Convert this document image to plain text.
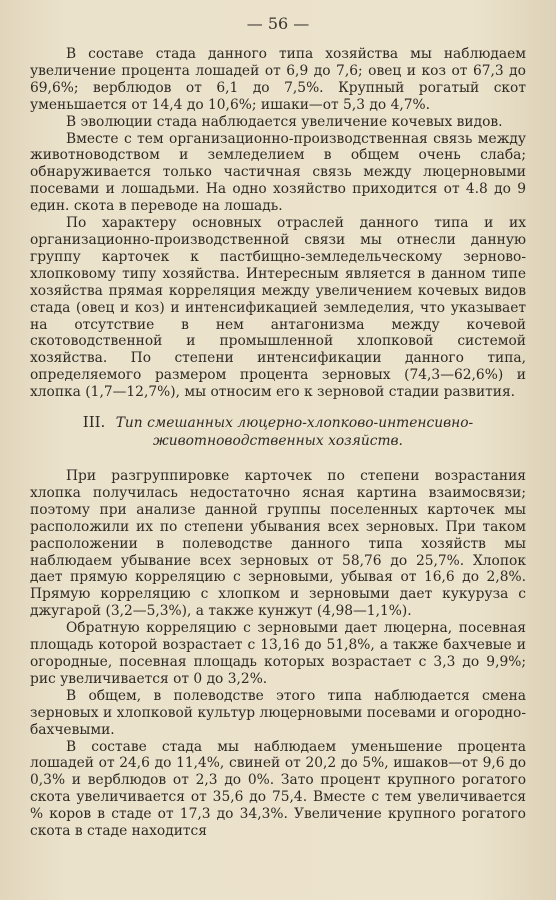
— 56 —

В составе стада данного типа хозяйства мы наблюдаем увеличение процента лошадей от 6,9 до 7,6; овец и коз от 67,3 до 69,6%; верблюдов от 6,1 до 7,5%. Крупный рогатый скот уменьшается от 14,4 до 10,6%; ишаки—от 5,3 до 4,7%.

В эволюции стада наблюдается увеличение кочевых видов.

Вместе с тем организационно-производственная связь между животноводством и земледелием в общем очень слаба; обнаруживается только частичная связь между люцерновыми посевами и лошадьми. На одно хозяйство приходится от 4.8 до 9 един. скота в переводе на лошадь.

По характеру основных отраслей данного типа и их организационно-производственной связи мы отнесли данную группу карточек к пастбищно-земледельческому зерново-хлопковому типу хозяйства. Интересным является в данном типе хозяйства прямая корреляция между увеличением кочевых видов стада (овец и коз) и интенсификацией земледелия, что указывает на отсутствие в нем антагонизма между кочевой скотоводственной и промышленной хлопковой системой хозяйства. По степени интенсификации данного типа, определяемого размером процента зерновых (74,3—62,6%) и хлопка (1,7—12,7%), мы относим его к зерновой стадии развития.

III. Тип смешанных люцерно-хлопково-интенсивно-животноводственных хозяйств.

При разгруппировке карточек по степени возрастания хлопка получилась недостаточно ясная картина взаимосвязи; поэтому при анализе данной группы поселенных карточек мы расположили их по степени убывания всех зерновых. При таком расположении в полеводстве данного типа хозяйств мы наблюдаем убывание всех зерновых от 58,76 до 25,7%. Хлопок дает прямую корреляцию с зерновыми, убывая от 16,6 до 2,8%. Прямую корреляцию с хлопком и зерновыми дает кукуруза с джугарой (3,2—5,3%), а также кунжут (4,98—1,1%).

Обратную корреляцию с зерновыми дает люцерна, посевная площадь которой возрастает с 13,16 до 51,8%, а также бахчевые и огородные, посевная площадь которых возрастает с 3,3 до 9,9%; рис увеличивается от 0 до 3,2%.

В общем, в полеводстве этого типа наблюдается смена зерновых и хлопковой культур люцерновыми посевами и огородно-бахчевыми.

В составе стада мы наблюдаем уменьшение процента лошадей от 24,6 до 11,4%, свиней от 20,2 до 5%, ишаков—от 9,6 до 0,3% и верблюдов от 2,3 до 0%. Зато процент крупного рогатого скота увеличивается от 35,6 до 75,4. Вместе с тем увеличивается % коров в стаде от 17,3 до 34,3%. Увеличение крупного рогатого скота в стаде находится
